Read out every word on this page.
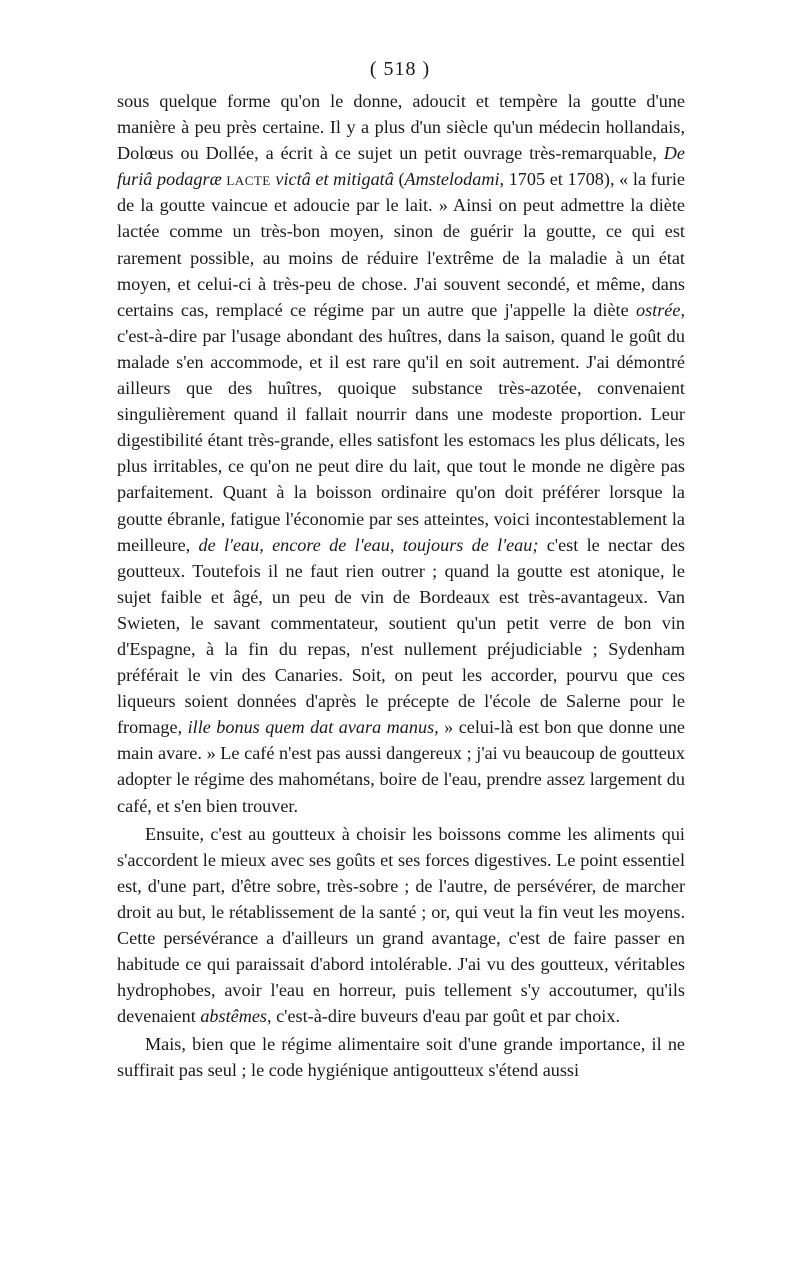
( 518 )

sous quelque forme qu'on le donne, adoucit et tempère la goutte d'une manière à peu près certaine. Il y a plus d'un siècle qu'un médecin hollandais, Dolœus ou Dollée, a écrit à ce sujet un petit ouvrage très-remarquable, De furiâ podagræ lacte victâ et mitigatâ (Amstelodami, 1705 et 1708), « la furie de la goutte vaincue et adoucie par le lait. » Ainsi on peut admettre la diète lactée comme un très-bon moyen, sinon de guérir la goutte, ce qui est rarement possible, au moins de réduire l'extrême de la maladie à un état moyen, et celui-ci à très-peu de chose. J'ai souvent secondé, et même, dans certains cas, remplacé ce régime par un autre que j'appelle la diète ostrée, c'est-à-dire par l'usage abondant des huîtres, dans la saison, quand le goût du malade s'en accommode, et il est rare qu'il en soit autrement. J'ai démontré ailleurs que des huîtres, quoique substance très-azotée, convenaient singulièrement quand il fallait nourrir dans une modeste proportion. Leur digestibilité étant très-grande, elles satisfont les estomacs les plus délicats, les plus irritables, ce qu'on ne peut dire du lait, que tout le monde ne digère pas parfaitement. Quant à la boisson ordinaire qu'on doit préférer lorsque la goutte ébranle, fatigue l'économie par ses atteintes, voici incontestablement la meilleure, de l'eau, encore de l'eau, toujours de l'eau; c'est le nectar des goutteux. Toutefois il ne faut rien outrer ; quand la goutte est atonique, le sujet faible et âgé, un peu de vin de Bordeaux est très-avantageux. Van Swieten, le savant commentateur, soutient qu'un petit verre de bon vin d'Espagne, à la fin du repas, n'est nullement préjudiciable ; Sydenham préférait le vin des Canaries. Soit, on peut les accorder, pourvu que ces liqueurs soient données d'après le précepte de l'école de Salerne pour le fromage, ille bonus quem dat avara manus, » celui-là est bon que donne une main avare. » Le café n'est pas aussi dangereux ; j'ai vu beaucoup de goutteux adopter le régime des mahométans, boire de l'eau, prendre assez largement du café, et s'en bien trouver.

Ensuite, c'est au goutteux à choisir les boissons comme les aliments qui s'accordent le mieux avec ses goûts et ses forces digestives. Le point essentiel est, d'une part, d'être sobre, très-sobre ; de l'autre, de persévérer, de marcher droit au but, le rétablissement de la santé ; or, qui veut la fin veut les moyens. Cette persévérance a d'ailleurs un grand avantage, c'est de faire passer en habitude ce qui paraissait d'abord intolérable. J'ai vu des goutteux, véritables hydrophobes, avoir l'eau en horreur, puis tellement s'y accoutumer, qu'ils devenaient abstêmes, c'est-à-dire buveurs d'eau par goût et par choix.

Mais, bien que le régime alimentaire soit d'une grande importance, il ne suffirait pas seul ; le code hygiénique antigoutteux s'étend aussi
